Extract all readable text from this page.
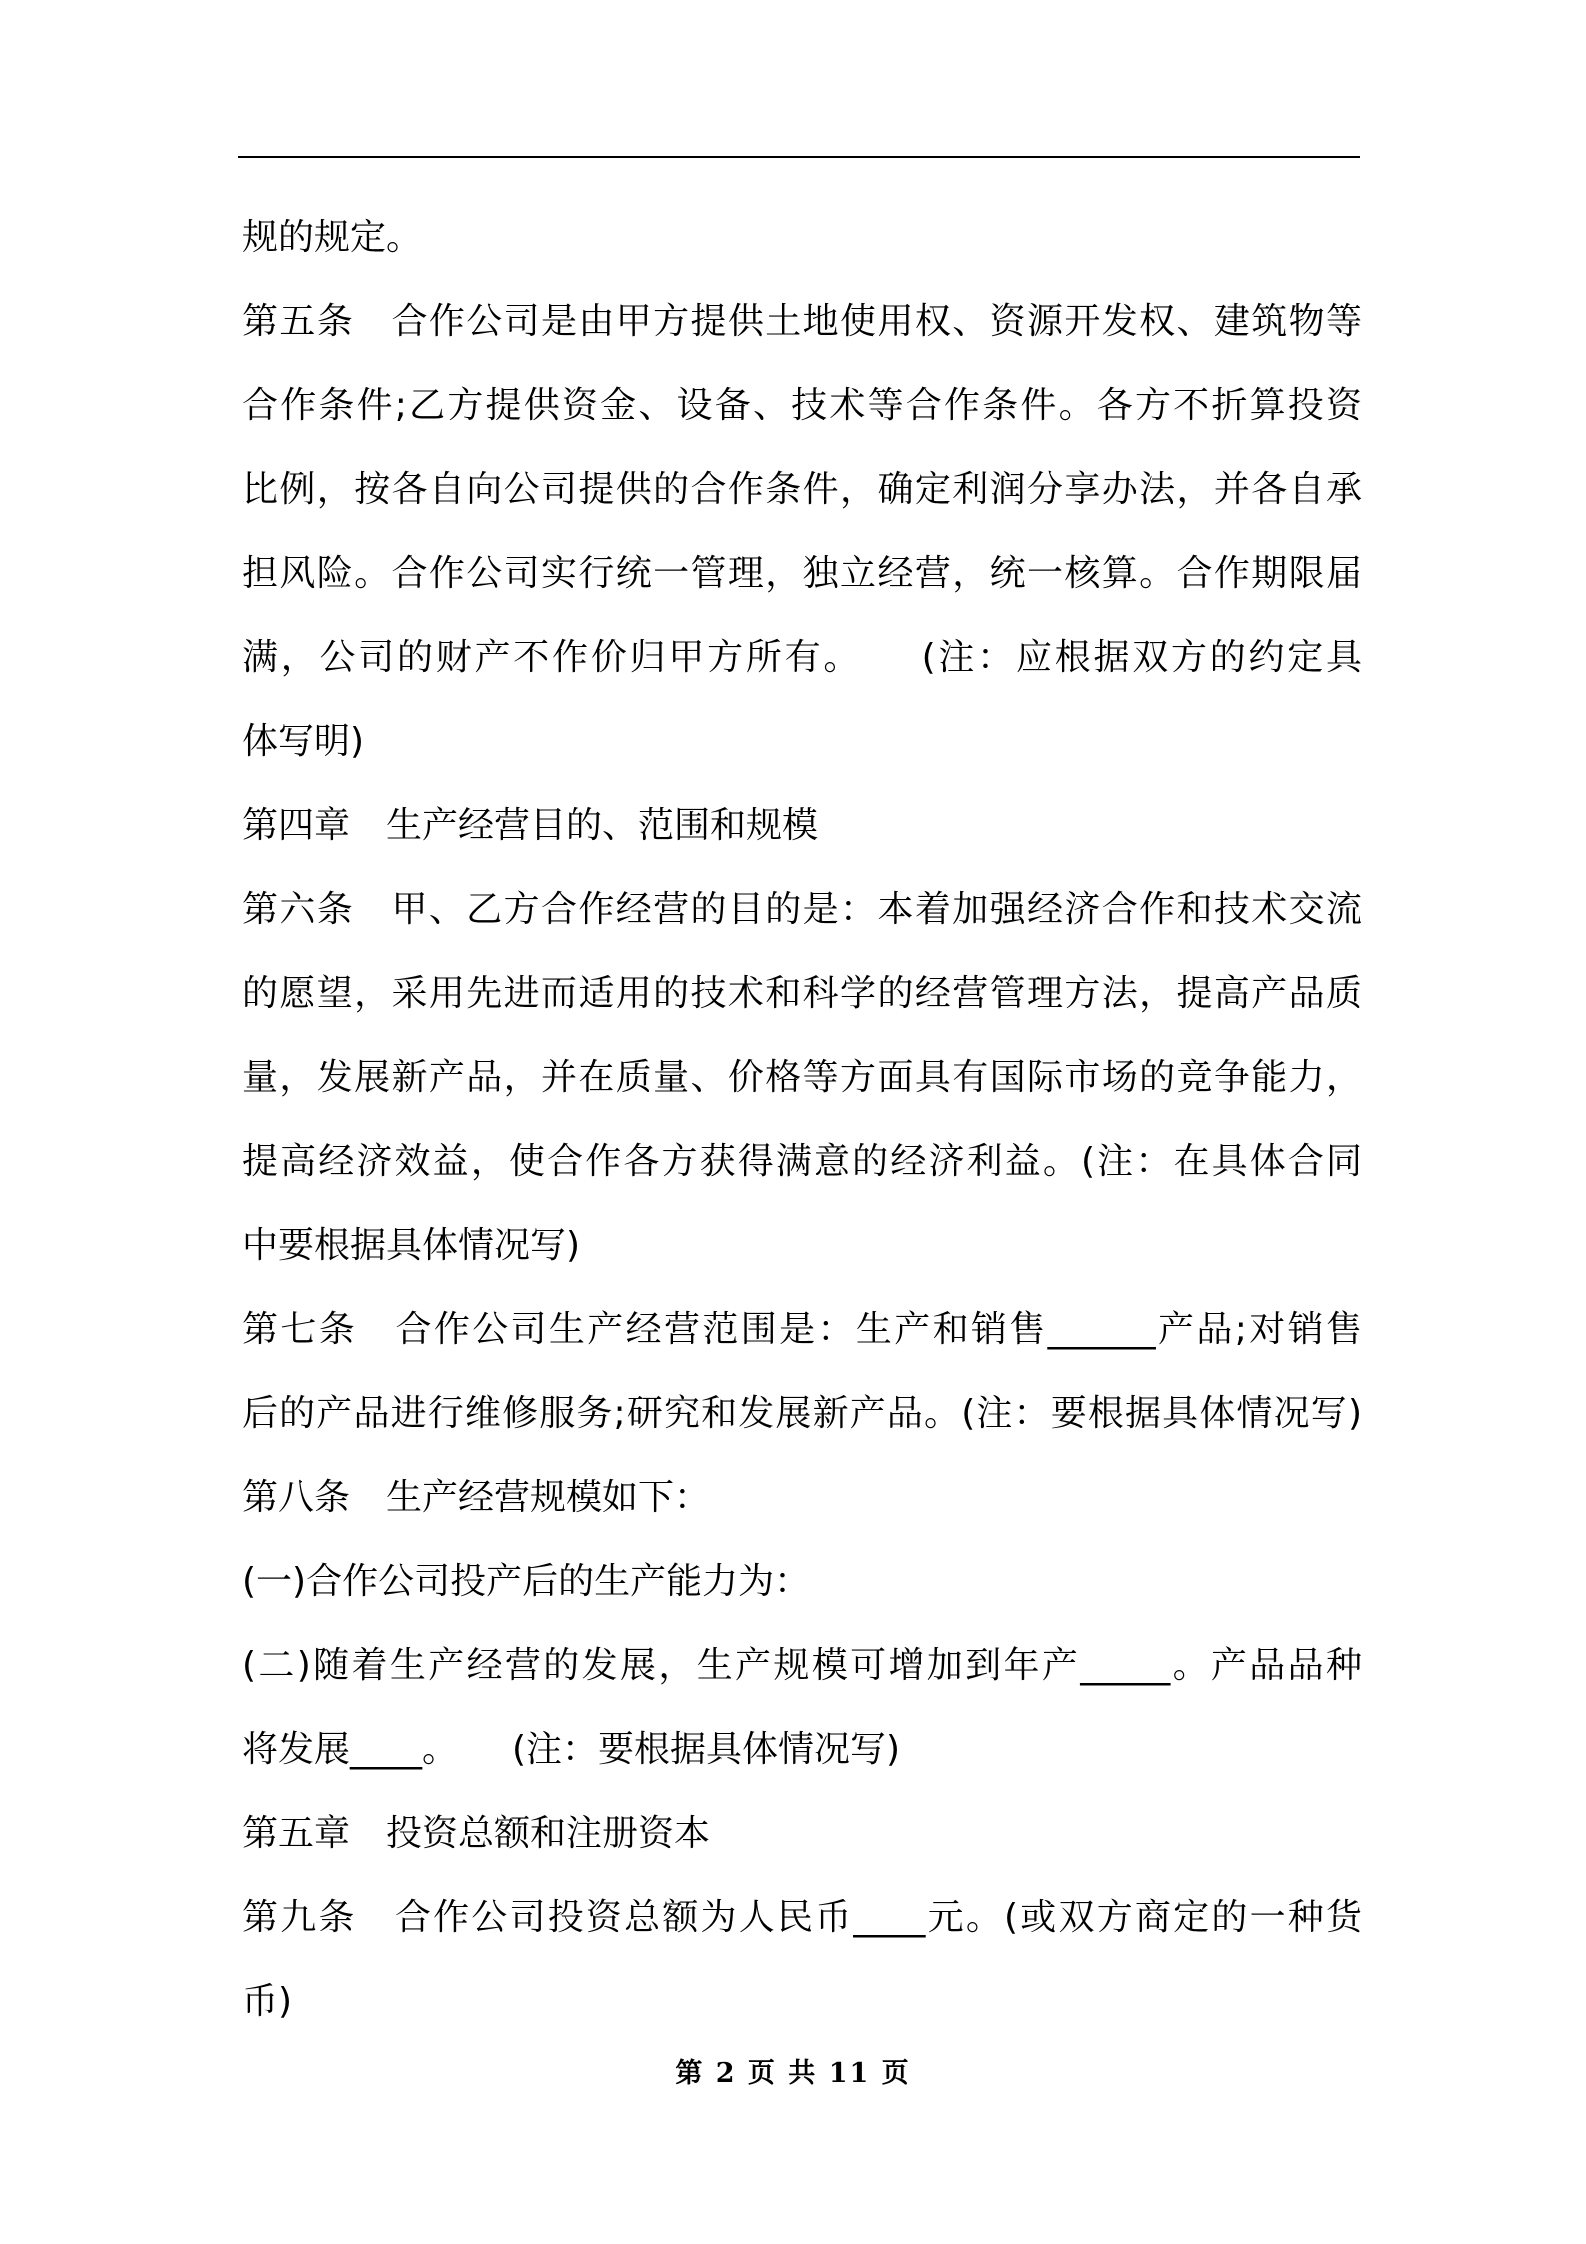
规的规定。
第五条　合作公司是由甲方提供土地使用权、资源开发权、建筑物等
合作条件;乙方提供资金、设备、技术等合作条件。各方不折算投资
比例，按各自向公司提供的合作条件，确定利润分享办法，并各自承
担风险。合作公司实行统一管理，独立经营，统一核算。合作期限届
满，公司的财产不作价归甲方所有。　　(注：应根据双方的约定具
体写明)
第四章　生产经营目的、范围和规模
第六条　甲、乙方合作经营的目的是：本着加强经济合作和技术交流
的愿望，采用先进而适用的技术和科学的经营管理方法，提高产品质
量，发展新产品，并在质量、价格等方面具有国际市场的竞争能力，
提高经济效益，使合作各方获得满意的经济利益。(注：在具体合同
中要根据具体情况写)
第七条　合作公司生产经营范围是：生产和销售______产品;对销售
后的产品进行维修服务;研究和发展新产品。(注：要根据具体情况写)
第八条　生产经营规模如下：
(一)合作公司投产后的生产能力为：
(二)随着生产经营的发展，生产规模可增加到年产_____。产品品种
将发展____。　　(注：要根据具体情况写)
第五章　投资总额和注册资本
第九条　合作公司投资总额为人民币____元。(或双方商定的一种货
币)
第 2 页 共 11 页
